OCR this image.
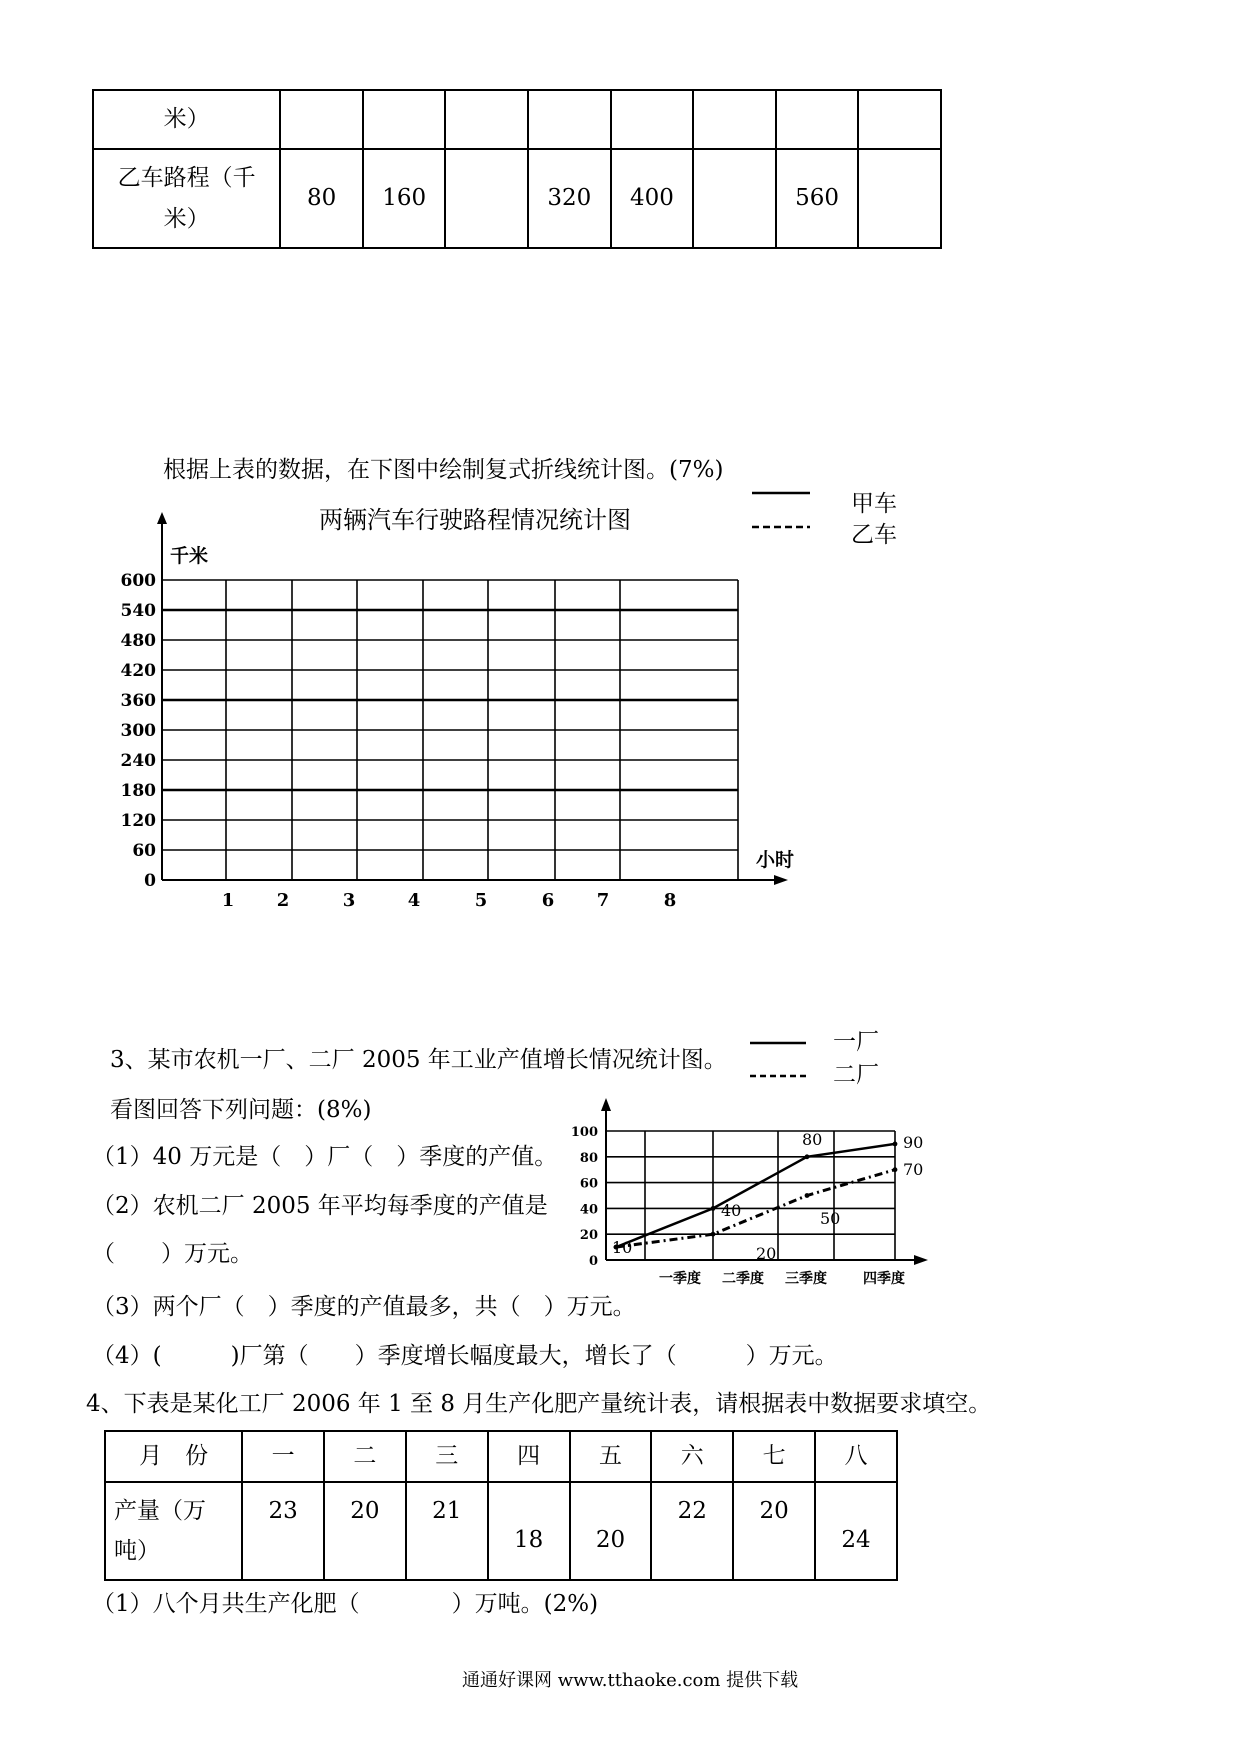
米）								

乙车路程（千
米）	80	160		320	400		560	
根据上表的数据，在下图中绘制复式折线统计图。(7%)
甲车
乙车
两辆汽车行驶路程情况统计图
0
60
120
180
240
300
360
420
480
540
600
1 2	3	4	5	6 7	8
千米
小时
3、某市农机一厂、二厂 2005 年工业产值增长情况统计图。
一厂
二厂
看图回答下列问题：(8%)
（1）40 万元是（　）厂（　）季度的产值。
（2）农机二厂 2005 年平均每季度的产值是
（　　）万元。
（3）两个厂（　）季度的产值最多，共（　）万元。
（4）(　　　)厂第（　　）季度增长幅度最大，增长了（　　　）万元。
0
20
40
60
80
100
一季度 二季度 三季度	四季度
10
40
80	90
20
50
70
4、下表是某化工厂 2006 年 1 至 8 月生产化肥产量统计表，请根据表中数据要求填空。
月　份	一	二	三	四	五	六	七	八

产量（万
吨）	23	20	21	18	20	22	20	24
（1）八个月共生产化肥（　　　　）万吨。(2%)
通通好课网 www.tthaoke.com 提供下载
